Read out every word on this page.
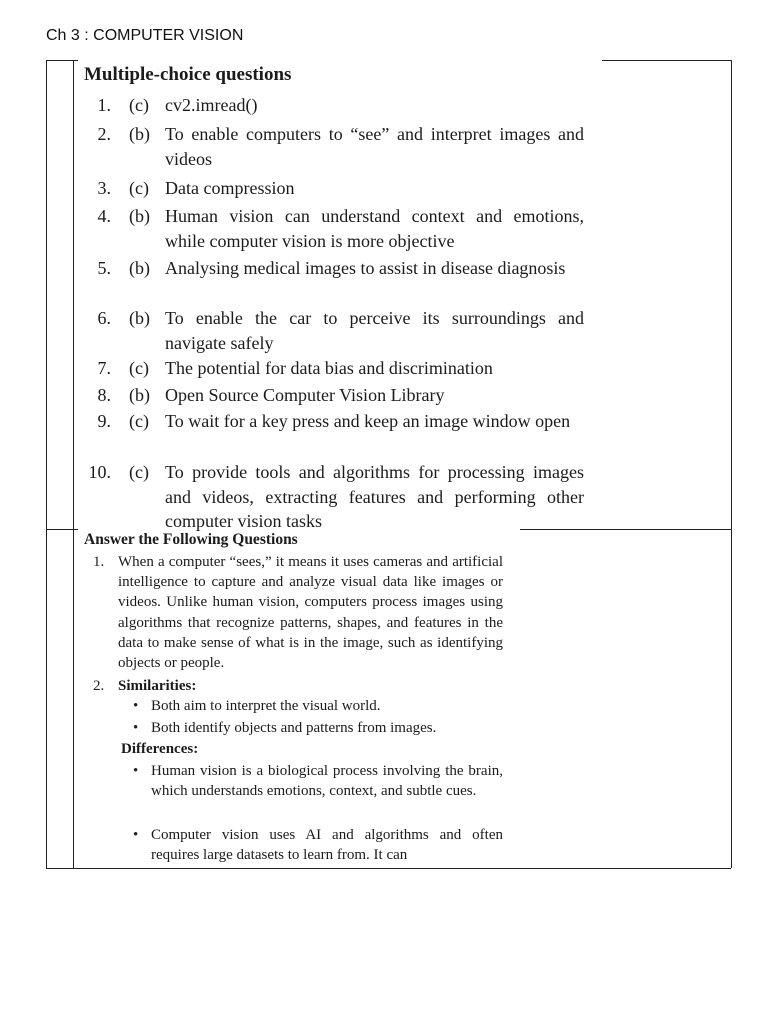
Ch 3 : COMPUTER VISION
Multiple-choice questions
1. (c) cv2.imread()
2. (b) To enable computers to “see” and interpret images and videos
3. (c) Data compression
4. (b) Human vision can understand context and emotions, while computer vision is more objective
5. (b) Analysing medical images to assist in disease diagnosis
6. (b) To enable the car to perceive its surroundings and navigate safely
7. (c) The potential for data bias and discrimination
8. (b) Open Source Computer Vision Library
9. (c) To wait for a key press and keep an image window open
10. (c) To provide tools and algorithms for processing images and videos, extracting features and performing other computer vision tasks
Answer the Following Questions
1. When a computer “sees,” it means it uses cameras and artificial intelligence to capture and analyze visual data like images or videos. Unlike human vision, computers process images using algorithms that recognize patterns, shapes, and features in the data to make sense of what is in the image, such as identifying objects or people.
2. Similarities:
• Both aim to interpret the visual world.
• Both identify objects and patterns from images.
Differences:
• Human vision is a biological process involving the brain, which understands emotions, context, and subtle cues.
• Computer vision uses AI and algorithms and often requires large datasets to learn from. It can
